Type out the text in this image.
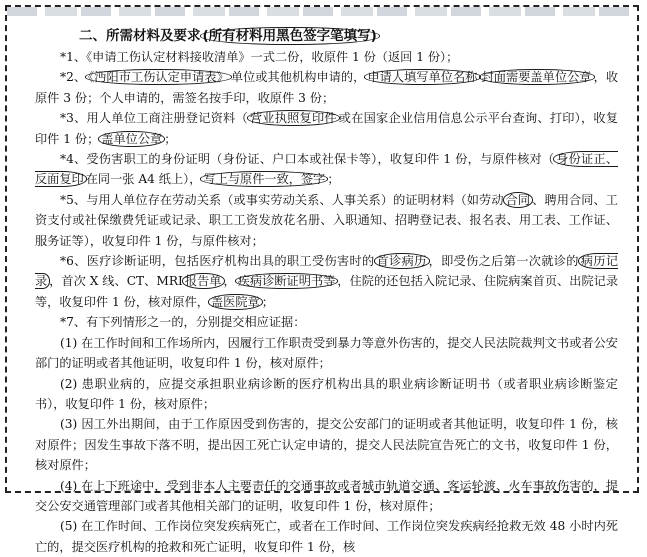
二、所需材料及要求 (所有材料用黑色签字笔填写)
*1、《申请工伤认定材料接收清单》一式二份，收原件 1 份（返回 1 份）；
*2、 《沔阳市工伤认定申请表》 单位或其他机构申请的， 申请人填写单位名称 封面需要盖单位公章 ，收原件 3 份；个人申请的，需签名按手印，收原件 3 份；
*3、用人单位工商注册登记资料（ 营业执照复印件 或在国家企业信用信息公示平台查询、打印），收复印件 1 份； 盖单位公章 ；
*4、受伤害职工的身份证明（身份证、户口本或社保卡等），收复印件 1 份，与原件核对（ 身份证正、反面复印 在同一张 A4 纸上）， 写上与原件一致，签字 ；
*5、与用人单位存在劳动关系（或事实劳动关系、人事关系）的证明材料（如劳动 合同 、聘用合同、工资支付或社保缴费凭证或记录、职工工资发放花名册、入职通知、招聘登记表、报名表、用工表、工作证、服务证等），收复印件 1 份，与原件核对；
*6、医疗诊断证明，包括医疗机构出具的职工受伤害时的 首诊病历 ，即受伤之后第一次就诊的 病历记录 ，首次 X 线、CT、MRI 报告单 ， 疾病诊断证明书等 ，住院的还包括入院记录、住院病案首页、出院记录等，收复印件 1 份，核对原件， 盖医院章 ；
*7、有下列情形之一的，分别提交相应证据：
(1) 在工作时间和工作场所内，因履行工作职责受到暴力等意外伤害的，提交人民法院裁判文书或者公安部门的证明或者其他证明，收复印件 1 份，核对原件；
(2) 患职业病的，应提交承担职业病诊断的医疗机构出具的职业病诊断证明书（或者职业病诊断鉴定书），收复印件 1 份，核对原件；
(3) 因工外出期间，由于工作原因受到伤害的，提交公安部门的证明或者其他证明，收复印件 1 份，核对原件；因发生事故下落不明，提出因工死亡认定申请的，提交人民法院宣告死亡的文书，收复印件 1 份，核对原件；
(4) 在上下班途中，受到非本人主要责任的交通事故或者城市轨道交通、客运轮渡、火车事故伤害的，提交公安交通管理部门或者其他相关部门的证明，收复印件 1 份，核对原件；
(5) 在工作时间、工作岗位突发疾病死亡，或者在工作时间、工作岗位突发疾病经抢救无效 48 小时内死亡的，提交医疗机构的抢救和死亡证明，收复印件 1 份，核
